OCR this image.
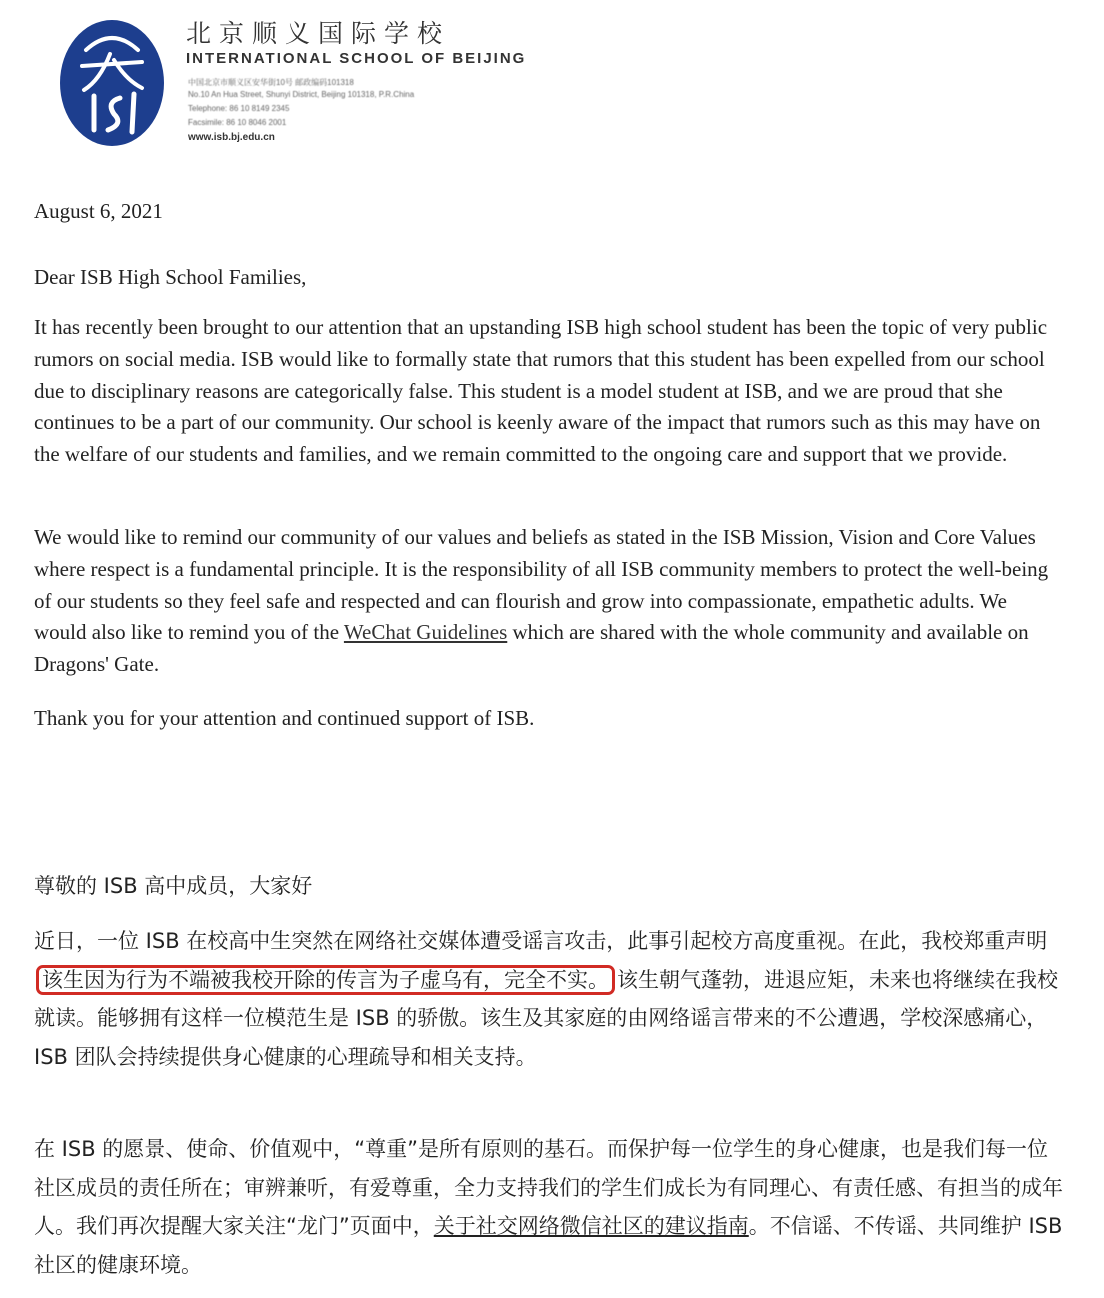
北京顺义国际学校
INTERNATIONAL SCHOOL OF BEIJING
中国北京市顺义区安华街10号 邮政编码101318
No.10 An Hua Street, Shunyi District, Beijing 101318, P.R.China
Telephone: 86 10 8149 2345
Facsimile: 86 10 8046 2001
www.isb.bj.edu.cn
August 6, 2021
Dear ISB High School Families,
It has recently been brought to our attention that an upstanding ISB high school student has been the topic of very public rumors on social media. ISB would like to formally state that rumors that this student has been expelled from our school due to disciplinary reasons are categorically false. This student is a model student at ISB, and we are proud that she continues to be a part of our community. Our school is keenly aware of the impact that rumors such as this may have on the welfare of our students and families, and we remain committed to the ongoing care and support that we provide.
We would like to remind our community of our values and beliefs as stated in the ISB Mission, Vision and Core Values where respect is a fundamental principle. It is the responsibility of all ISB community members to protect the well-being of our students so they feel safe and respected and can flourish and grow into compassionate, empathetic adults. We would also like to remind you of the WeChat Guidelines which are shared with the whole community and available on Dragons' Gate.
Thank you for your attention and continued support of ISB.
尊敬的 ISB 高中成员，大家好
近日，一位 ISB 在校高中生突然在网络社交媒体遭受谣言攻击，此事引起校方高度重视。在此，我校郑重声明该生因为行为不端被我校开除的传言为子虚乌有，完全不实。 该生朝气蓬勃，进退应矩，未来也将继续在我校就读。能够拥有这样一位模范生是 ISB 的骄傲。该生及其家庭的由网络谣言带来的不公遭遇，学校深感痛心，ISB 团队会持续提供身心健康的心理疏导和相关支持。
在 ISB 的愿景、使命、价值观中，“尊重”是所有原则的基石。而保护每一位学生的身心健康，也是我们每一位社区成员的责任所在；审辨兼听，有爱尊重，全力支持我们的学生们成长为有同理心、有责任感、有担当的成年人。我们再次提醒大家关注“龙门”页面中，关于社交网络微信社区的建议指南。不信谣、不传谣、共同维护 ISB 社区的健康环境。
